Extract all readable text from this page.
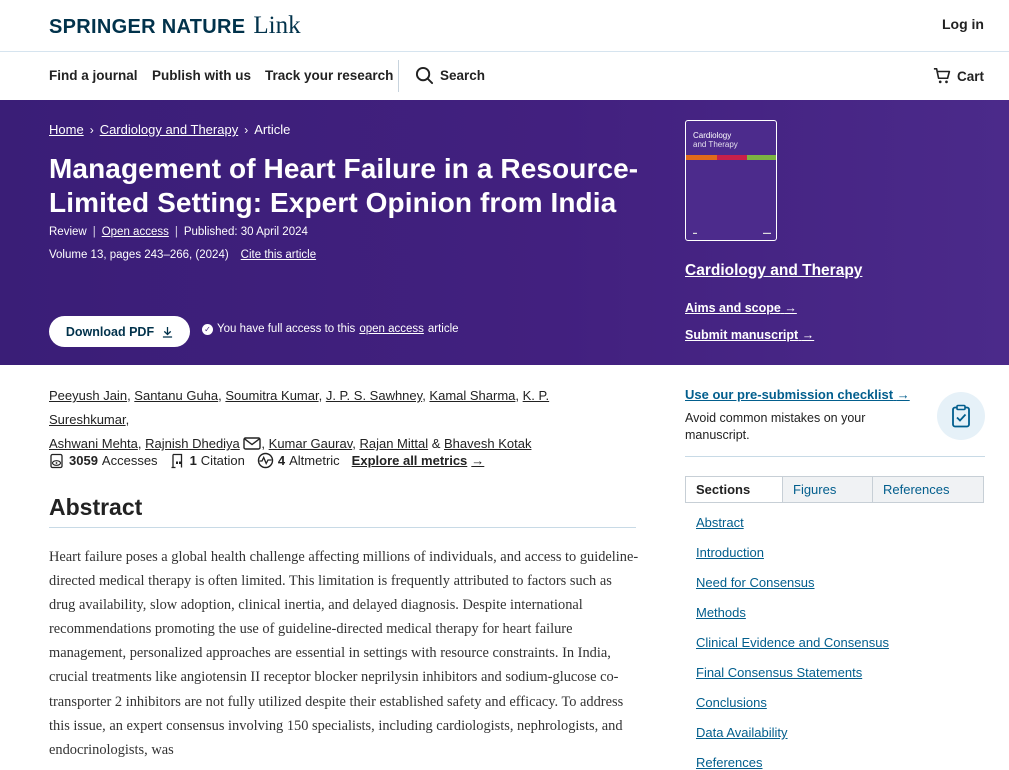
SPRINGER NATURE Link	Log in
Find a journal Publish with us Track your research	Search	Cart
Home › Cardiology and Therapy › Article
Management of Heart Failure in a Resource-Limited Setting: Expert Opinion from India
Review | Open access | Published: 30 April 2024
Volume 13, pages 243–266, (2024) Cite this article
Download PDF	✓ You have full access to this open access article
Cardiology
and Therapy
▬	▬▬
Cardiology and Therapy
Aims and scope →
Submit manuscript →
Peeyush Jain, Santanu Guha, Soumitra Kumar, J. P. S. Sawhney, Kamal Sharma, K. P. Sureshkumar,
Ashwani Mehta, Rajnish Dhediya , Kumar Gaurav, Rajan Mittal & Bhavesh Kotak
3059 Accesses 1 Citation	4 Altmetric Explore all metrics →
Abstract

Heart failure poses a global health challenge affecting millions of individuals, and access to guideline-directed medical therapy is often limited. This limitation is frequently attributed to factors such as drug availability, slow adoption, clinical inertia, and delayed diagnosis. Despite international recommendations promoting the use of guideline-directed medical therapy for heart failure management, personalized approaches are essential in settings with resource constraints. In India, crucial treatments like angiotensin II receptor blocker neprilysin inhibitors and sodium-glucose co-transporter 2 inhibitors are not fully utilized despite their established safety and efficacy. To address this issue, an expert consensus involving 150 specialists, including cardiologists, nephrologists, and endocrinologists, was

Use our pre-submission checklist →

Avoid common mistakes on your manuscript.

Sections	Figures	References
Abstract
Introduction
Need for Consensus
Methods
Clinical Evidence and Consensus
Final Consensus Statements
Conclusions
Data Availability
References
